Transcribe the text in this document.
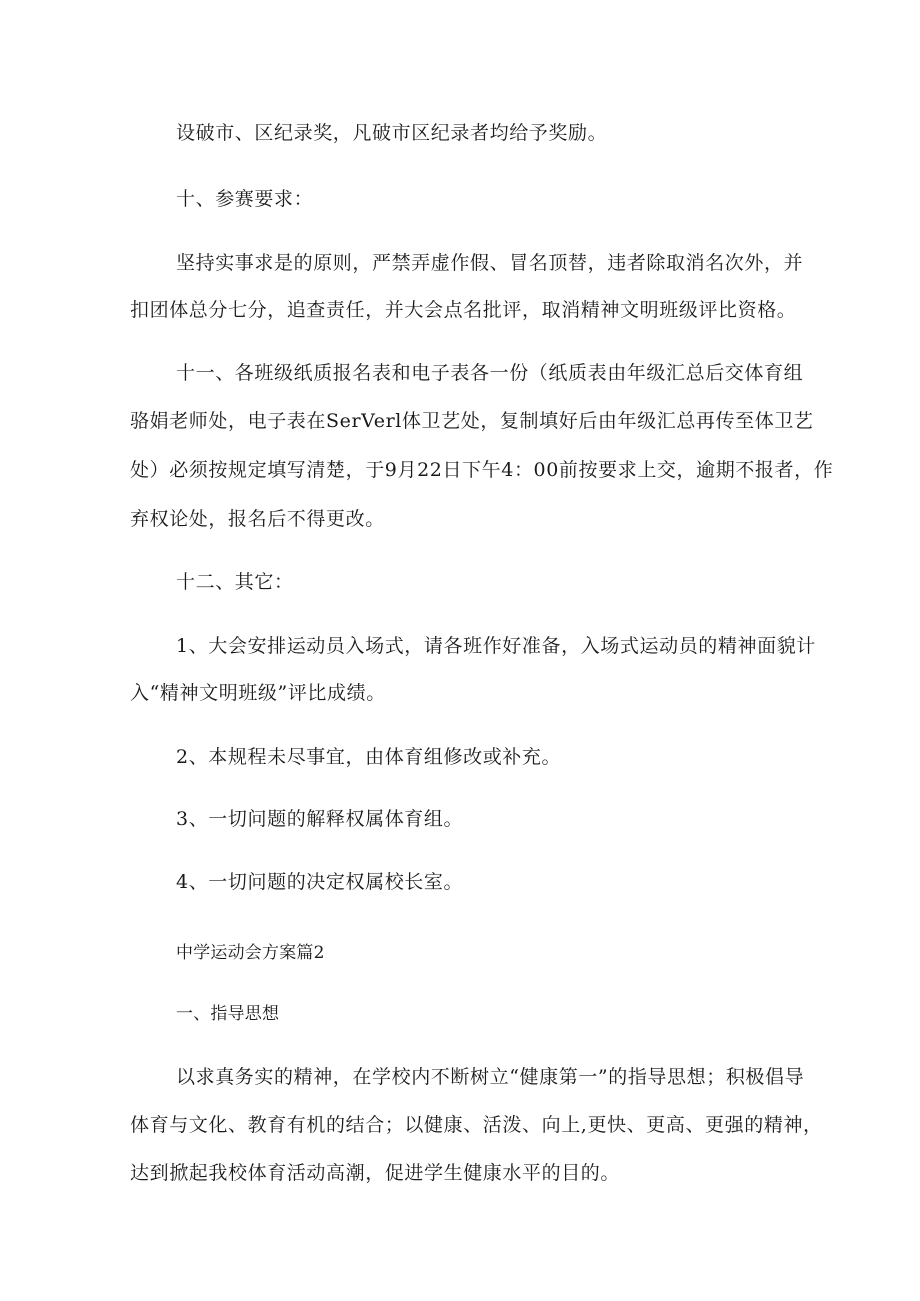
设破市、区纪录奖，凡破市区纪录者均给予奖励。
十、参赛要求：
坚持实事求是的原则，严禁弄虚作假、冒名顶替，违者除取消名次外，并
扣团体总分七分，追查责任，并大会点名批评，取消精神文明班级评比资格。
十一、各班级纸质报名表和电子表各一份（纸质表由年级汇总后交体育组
骆娟老师处，电子表在SerVerl体卫艺处，复制填好后由年级汇总再传至体卫艺
处）必须按规定填写清楚，于9月22日下午4：00前按要求上交，逾期不报者，作
弃权论处，报名后不得更改。
十二、其它：
1、大会安排运动员入场式，请各班作好准备，入场式运动员的精神面貌计
入“精神文明班级”评比成绩。
2、本规程未尽事宜，由体育组修改或补充。
3、一切问题的解释权属体育组。
4、一切问题的决定权属校长室。
中学运动会方案篇2
一、指导思想
以求真务实的精神，在学校内不断树立“健康第一”的指导思想；积极倡导
体育与文化、教育有机的结合；以健康、活泼、向上,更快、更高、更强的精神，
达到掀起我校体育活动高潮，促进学生健康水平的目的。
